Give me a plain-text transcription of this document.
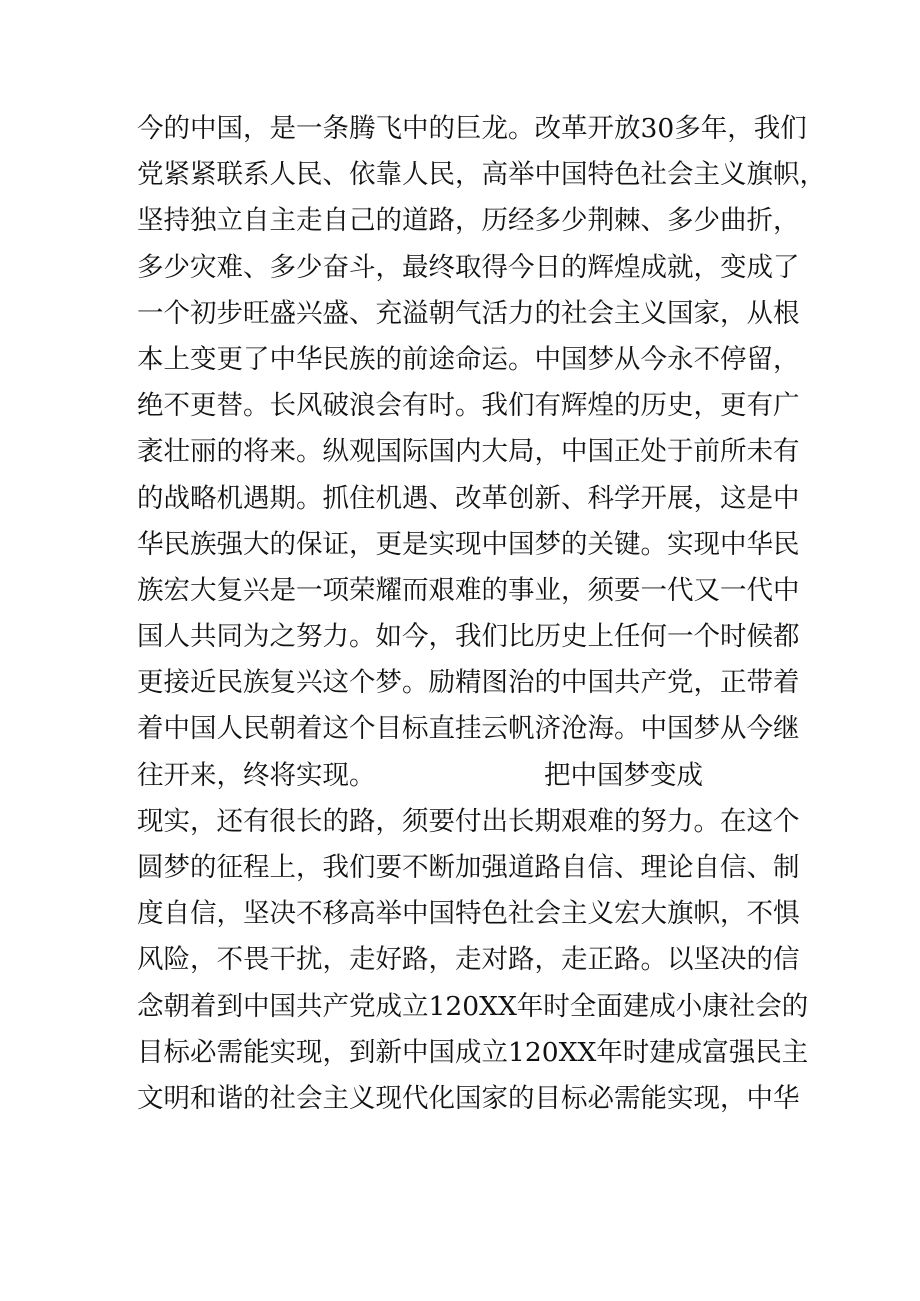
今的中国，是一条腾飞中的巨龙。改革开放30多年，我们
党紧紧联系人民、依靠人民，高举中国特色社会主义旗帜，
坚持独立自主走自己的道路，历经多少荆棘、多少曲折，
多少灾难、多少奋斗，最终取得今日的辉煌成就，变成了
一个初步旺盛兴盛、充溢朝气活力的社会主义国家，从根
本上变更了中华民族的前途命运。中国梦从今永不停留，
绝不更替。长风破浪会有时。我们有辉煌的历史，更有广
袤壮丽的将来。纵观国际国内大局，中国正处于前所未有
的战略机遇期。抓住机遇、改革创新、科学开展，这是中
华民族强大的保证，更是实现中国梦的关键。实现中华民
族宏大复兴是一项荣耀而艰难的事业，须要一代又一代中
国人共同为之努力。如今，我们比历史上任何一个时候都
更接近民族复兴这个梦。励精图治的中国共产党，正带着
着中国人民朝着这个目标直挂云帆济沧海。中国梦从今继
往开来，终将实现。                    把中国梦变成
现实，还有很长的路，须要付出长期艰难的努力。在这个
圆梦的征程上，我们要不断加强道路自信、理论自信、制
度自信，坚决不移高举中国特色社会主义宏大旗帜，不惧
风险，不畏干扰，走好路，走对路，走正路。以坚决的信
念朝着到中国共产党成立120XX年时全面建成小康社会的
目标必需能实现，到新中国成立120XX年时建成富强民主
文明和谐的社会主义现代化国家的目标必需能实现，中华
